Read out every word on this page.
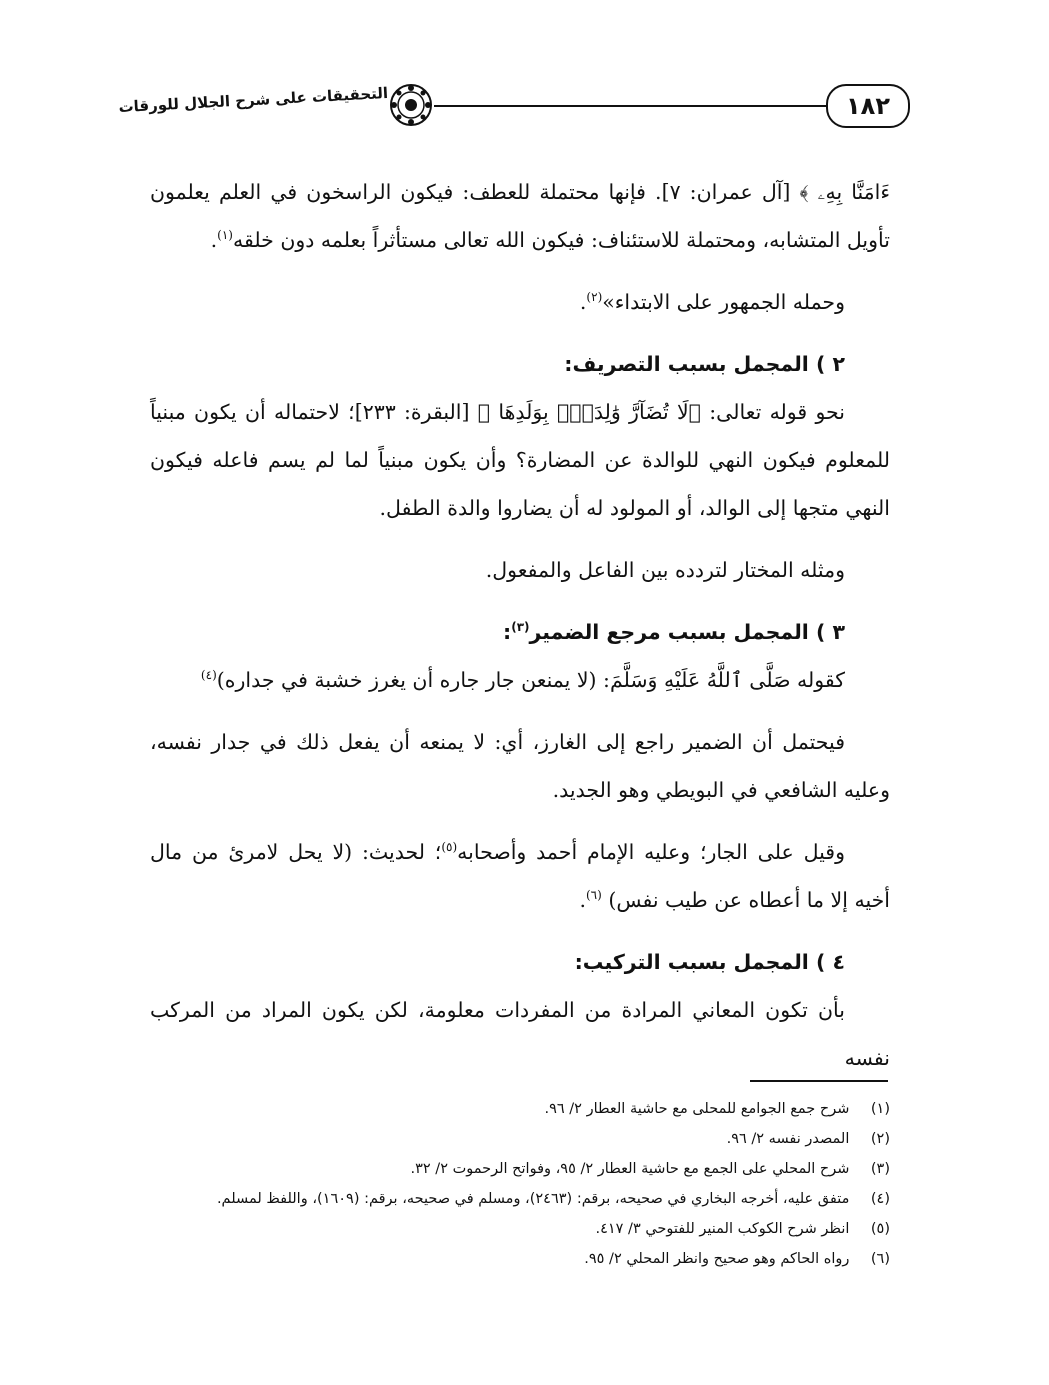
١٨٢
التحقيقات على شرح الجلال للورقات

ءَامَنَّا بِهِۦ ﴾ [آل عمران: ٧]. فإنها محتملة للعطف: فيكون الراسخون في العلم يعلمون تأويل المتشابه، ومحتملة للاستئناف: فيكون الله تعالى مستأثراً بعلمه دون خلقه$^{(١)}$.

وحمله الجمهور على الابتداء»$^{(٢)}$.

٢ ) المجمل بسبب التصريف:

نحو قوله تعالى: ﴿لَا تُضَآرَّ وَٰلِدَةٌۢ بِوَلَدِهَا ﴾ [البقرة: ٢٣٣]؛ لاحتماله أن يكون مبنياً للمعلوم فيكون النهي للوالدة عن المضارة؟ وأن يكون مبنياً لما لم يسم فاعله فيكون النهي متجها إلى الوالد، أو المولود له أن يضاروا والدة الطفل.

ومثله المختار لتردده بين الفاعل والمفعول.

٣ ) المجمل بسبب مرجع الضمير$^{(٣)}$:

كقوله صَلَّى ٱللَّهُ عَلَيْهِ وَسَلَّمَ: (لا يمنعن جار جاره أن يغرز خشبة في جداره)$^{(٤)}$

فيحتمل أن الضمير راجع إلى الغارز، أي: لا يمنعه أن يفعل ذلك في جدار نفسه، وعليه الشافعي في البويطي وهو الجديد.

وقيل على الجار؛ وعليه الإمام أحمد وأصحابه$^{(٥)}$؛ لحديث: (لا يحل لامرئ من مال أخيه إلا ما أعطاه عن طيب نفس) $^{(٦)}$.

٤ ) المجمل بسبب التركيب:

بأن تكون المعاني المرادة من المفردات معلومة، لكن يكون المراد من المركب نفسه

(١) شرح جمع الجوامع للمحلى مع حاشية العطار ٢/ ٩٦.
(٢) المصدر نفسه ٢/ ٩٦.
(٣) شرح المحلي على الجمع مع حاشية العطار ٢/ ٩٥، وفواتح الرحموت ٢/ ٣٢.
(٤) متفق عليه، أخرجه البخاري في صحيحه، برقم: (٢٤٦٣)، ومسلم في صحيحه، برقم: (١٦٠٩)، واللفظ لمسلم.
(٥) انظر شرح الكوكب المنير للفتوحي ٣/ ٤١٧.
(٦) رواه الحاكم وهو صحيح وانظر المحلي ٢/ ٩٥.
